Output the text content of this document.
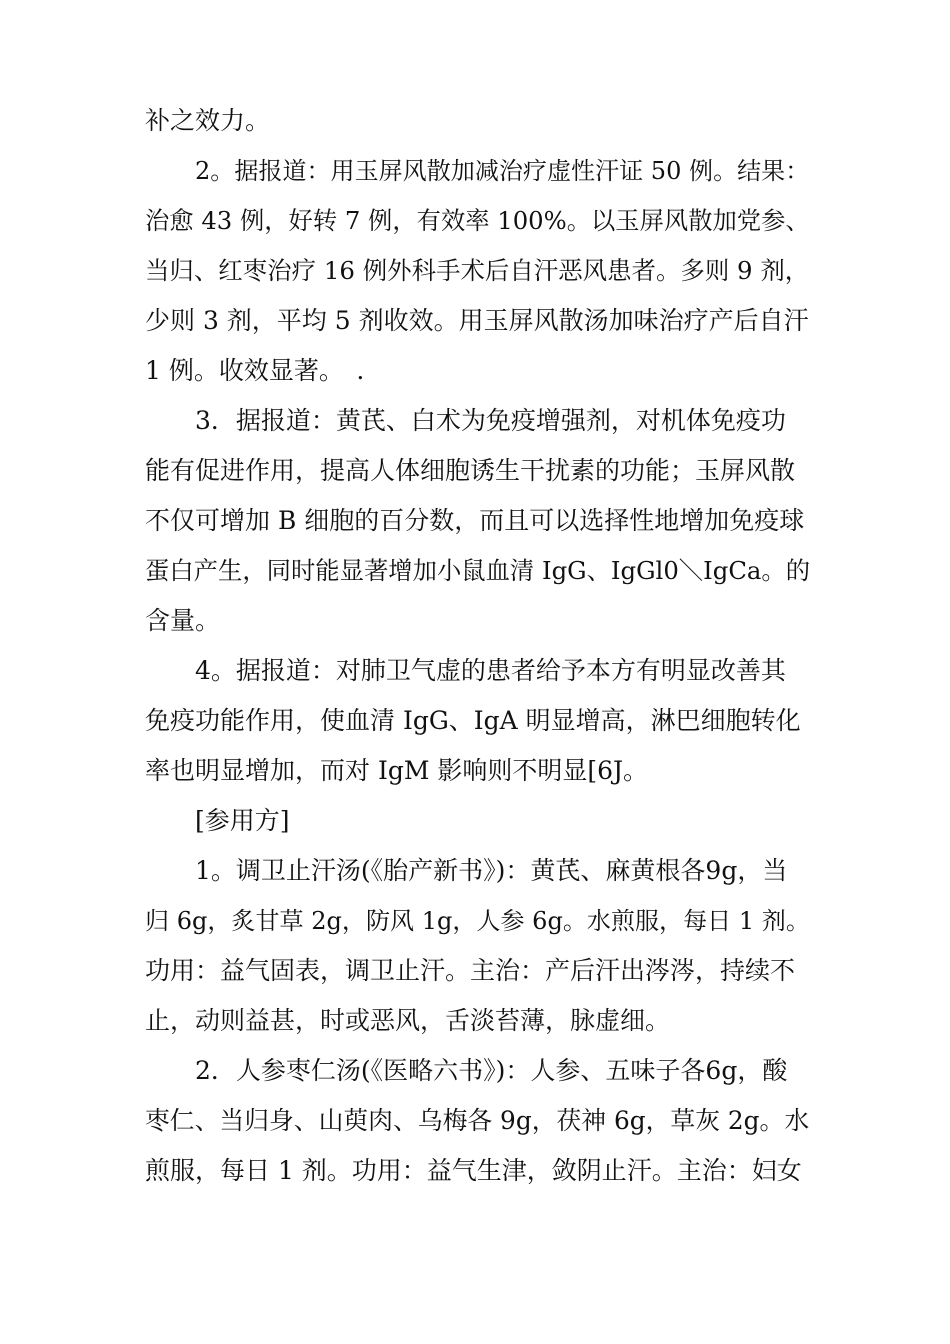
补之效力。
2。据报道：用玉屏风散加减治疗虚性汗证 50 例。结果：
治愈 43 例，好转 7 例，有效率 100%。以玉屏风散加党参、
当归、红枣治疗 16 例外科手术后自汗恶风患者。多则 9 剂，
少则 3 剂，平均 5 剂收效。用玉屏风散汤加味治疗产后自汗
1 例。收效显著。　.
3．据报道：黄芪、白术为免疫增强剂，对机体免疫功
能有促进作用，提高人体细胞诱生干扰素的功能；玉屏风散
不仅可增加 B 细胞的百分数，而且可以选择性地增加免疫球
蛋白产生，同时能显著增加小鼠血清 IgG、IgGl0＼IgCa。的
含量。
4。据报道：对肺卫气虚的患者给予本方有明显改善其
免疫功能作用，使血清 IgG、IgA 明显增高，淋巴细胞转化
率也明显增加，而对 IgM 影响则不明显[6J。
[参用方]
1。调卫止汗汤(《胎产新书》)：黄芪、麻黄根各9g，当
归 6g，炙甘草 2g，防风 1g，人参 6g。水煎服，每日 1 剂。
功用：益气固表，调卫止汗。主治：产后汗出涔涔，持续不
止，动则益甚，时或恶风，舌淡苔薄，脉虚细。
2．人参枣仁汤(《医略六书》)：人参、五味子各6g，酸
枣仁、当归身、山萸肉、乌梅各 9g，茯神 6g，草灰 2g。水
煎服，每日 1 剂。功用：益气生津，敛阴止汗。主治：妇女
